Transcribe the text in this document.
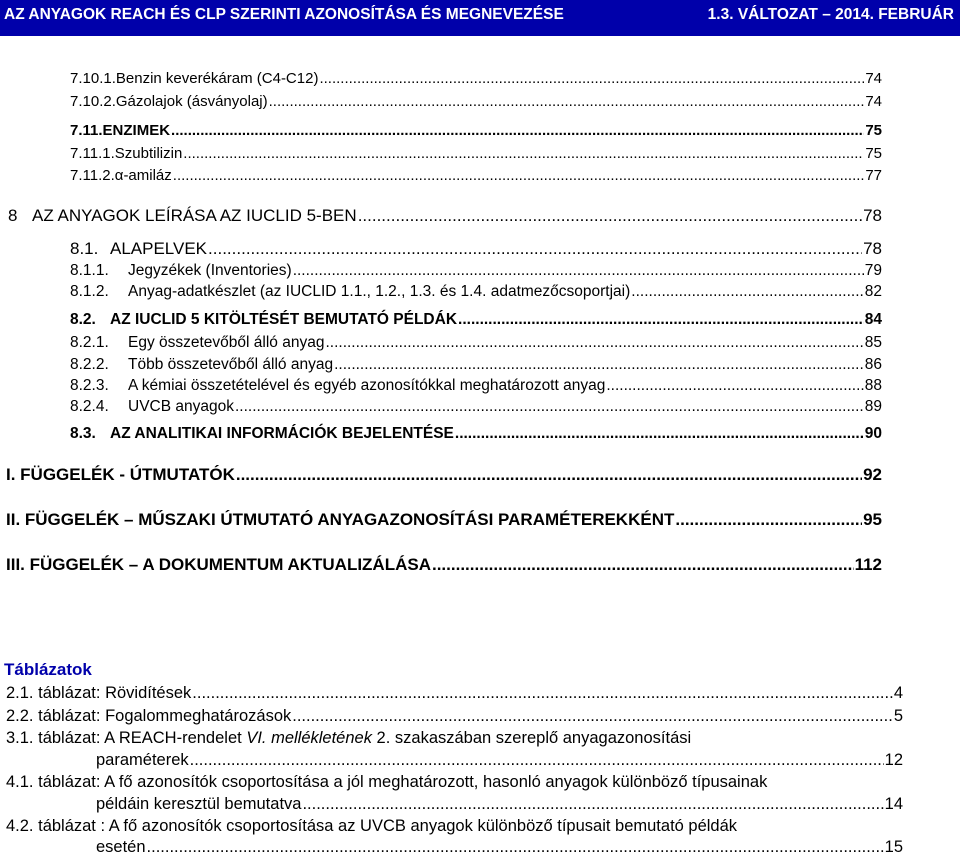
AZ ANYAGOK REACH ÉS CLP SZERINTI AZONOSÍTÁSA ÉS MEGNEVEZÉSE	1.3. VÁLTOZAT – 2014. FEBRUÁR
7.10.1. Benzin keverékáram (C4-C12) .....	74
7.10.2. Gázolajok (ásványolaj) .....	74
7.11. ENZIMEK .....	75
7.11.1. Szubtilizin .....	75
7.11.2. α-amiláz .....	77
8 AZ ANYAGOK LEÍRÁSA AZ IUCLID 5-BEN .....	78
8.1. ALAPELVEK .....	78
8.1.1.	Jegyzékek (Inventories) .....	79
8.1.2.	Anyag-adatkészlet (az IUCLID 1.1., 1.2., 1.3. és 1.4. adatmezőcsoportjai) .....	82
8.2. AZ IUCLID 5 KITÖLTÉSÉT BEMUTATÓ PÉLDÁK .....	84
8.2.1.	Egy összetevőből álló anyag .....	85
8.2.2.	Több összetevőből álló anyag .....	86
8.2.3.	A kémiai összetételével és egyéb azonosítókkal meghatározott anyag .....	88
8.2.4.	UVCB anyagok .....	89
8.3. AZ ANALITIKAI INFORMÁCIÓK BEJELENTÉSE .....	90
I. FÜGGELÉK - ÚTMUTATÓK .....	92
II. FÜGGELÉK – MŰSZAKI ÚTMUTATÓ ANYAGAZONOSÍTÁSI PARAMÉTEREKKÉNT .....	95
III. FÜGGELÉK – A DOKUMENTUM AKTUALIZÁLÁSA .....	112
Táblázatok
2.1. táblázat: Rövidítések .....	4
2.2. táblázat: Fogalommeghatározások .....	5
3.1. táblázat: A REACH-rendelet VI. mellékletének 2. szakaszában szereplő anyagazonosítási
paraméterek .....	12
4.1. táblázat: A fő azonosítók csoportosítása a jól meghatározott, hasonló anyagok különböző típusainak
példáin keresztül bemutatva .....	14
4.2. táblázat : A fő azonosítók csoportosítása az UVCB anyagok különböző típusait bemutató példák
esetén .....	15
